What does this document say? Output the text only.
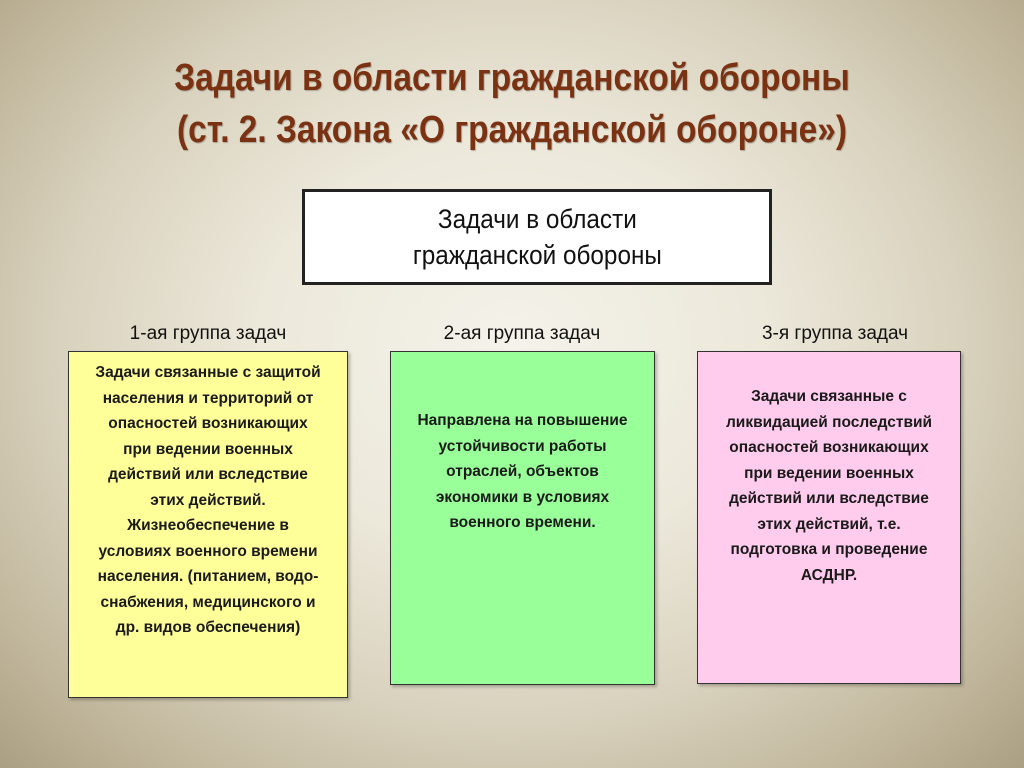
Задачи в области гражданской обороны
(ст. 2. Закона «О гражданской обороне»)
Задачи в области
гражданской обороны
1-ая группа задач	2-ая группа задач	3-я группа задач
Задачи связанные с защитой
населения и территорий от
опасностей возникающих
при ведении военных
действий или вследствие
этих действий.
Жизнеобеспечение в
условиях военного времени
населения. (питанием, водо-
снабжения, медицинского и
др. видов обеспечения)
Направлена на повышение
устойчивости работы
отраслей, объектов
экономики в условиях
военного времени.
Задачи связанные с
ликвидацией последствий
опасностей возникающих
при ведении военных
действий или вследствие
этих действий, т.е.
подготовка и проведение
АСДНР.
